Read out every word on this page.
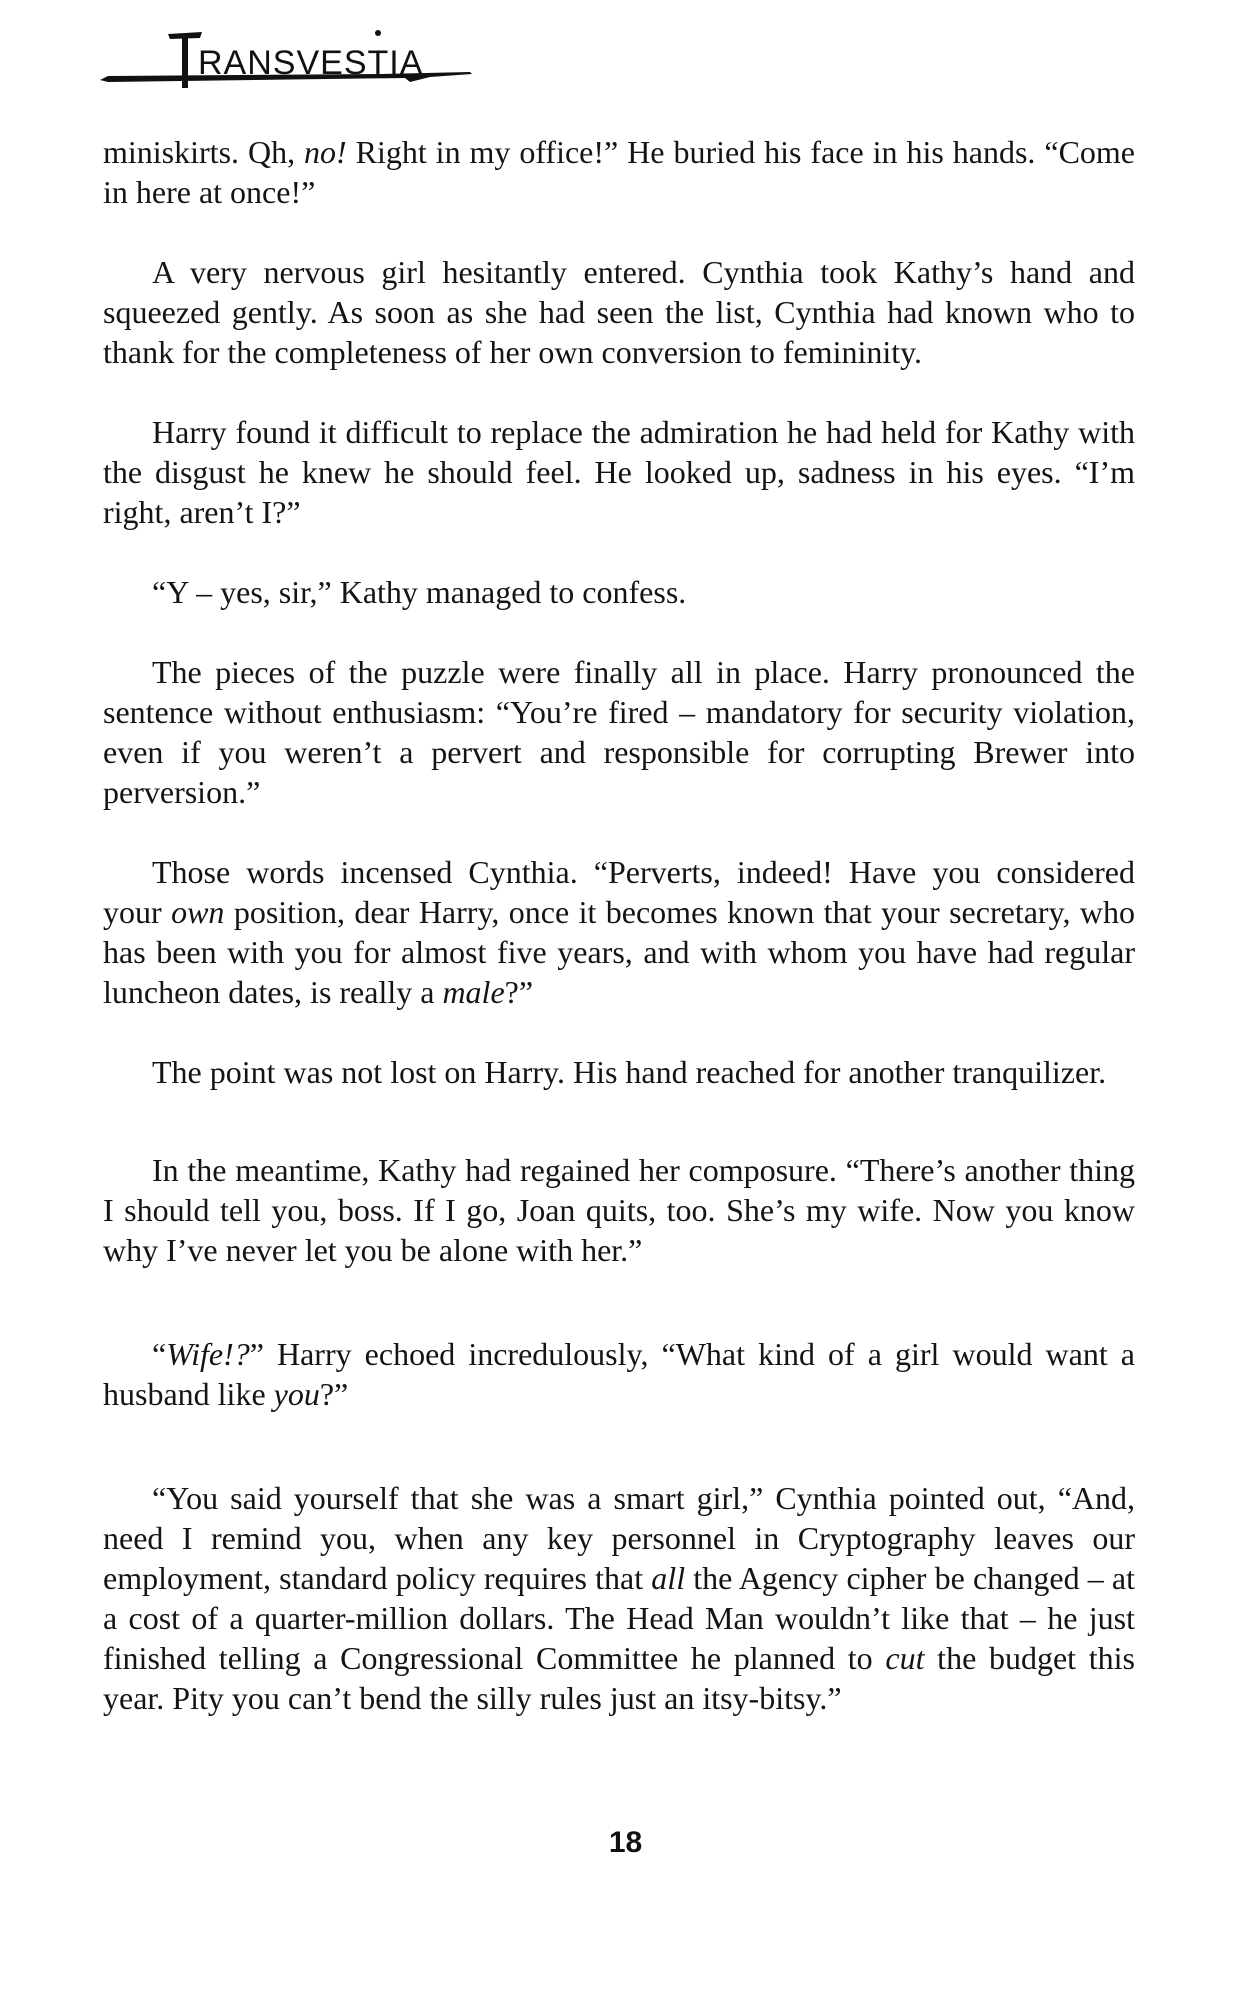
RANSVESTIA

miniskirts. Qh, no! Right in my office!” He buried his face in his hands. “Come in here at once!”

A very nervous girl hesitantly entered. Cynthia took Kathy’s hand and squeezed gently. As soon as she had seen the list, Cynthia had known who to thank for the completeness of her own conversion to femininity.

Harry found it difficult to replace the admiration he had held for Kathy with the disgust he knew he should feel. He looked up, sadness in his eyes. “I’m right, aren’t I?”

“Y – yes, sir,” Kathy managed to confess.

The pieces of the puzzle were finally all in place. Harry pronounced the sentence without enthusiasm: “You’re fired – mandatory for security violation, even if you weren’t a pervert and responsible for corrupting Brewer into perversion.”

Those words incensed Cynthia. “Perverts, indeed! Have you considered your own position, dear Harry, once it becomes known that your secretary, who has been with you for almost five years, and with whom you have had regular luncheon dates, is really a male?”

The point was not lost on Harry. His hand reached for another tranquilizer.

In the meantime, Kathy had regained her composure. “There’s another thing I should tell you, boss. If I go, Joan quits, too. She’s my wife. Now you know why I’ve never let you be alone with her.”

“Wife!?” Harry echoed incredulously, “What kind of a girl would want a husband like you?”

“You said yourself that she was a smart girl,” Cynthia pointed out, “And, need I remind you, when any key personnel in Cryptography leaves our employment, standard policy requires that all the Agency cipher be changed – at a cost of a quarter-million dollars. The Head Man wouldn’t like that – he just finished telling a Congressional Committee he planned to cut the budget this year. Pity you can’t bend the silly rules just an itsy-bitsy.”

18
